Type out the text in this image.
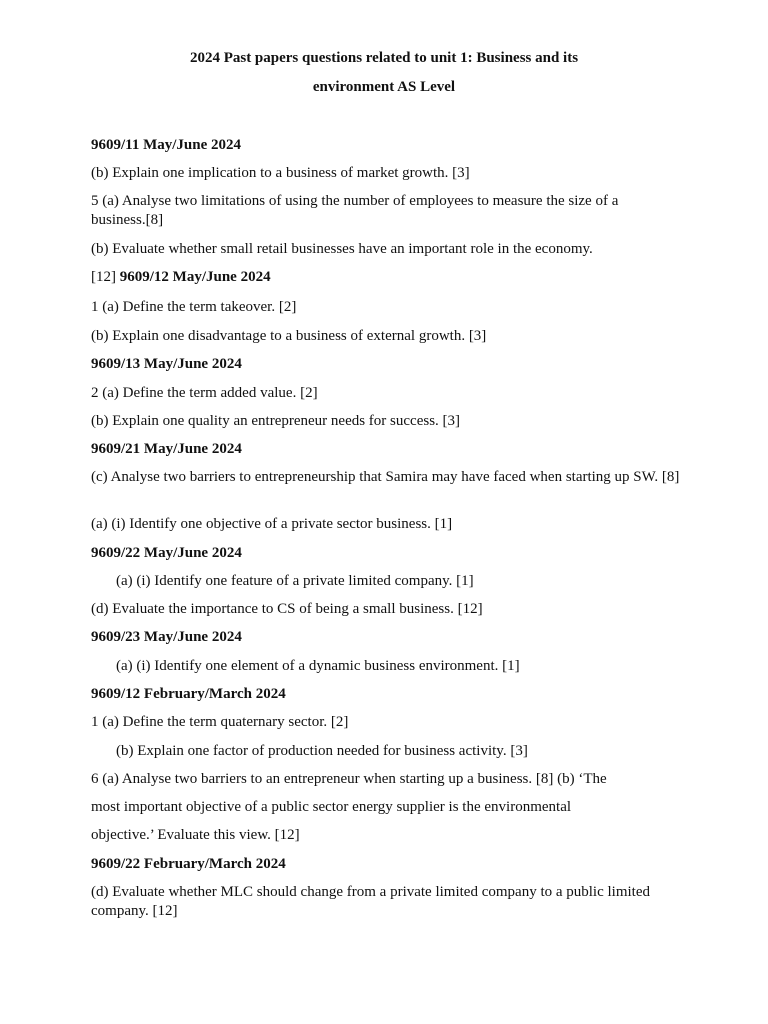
2024 Past papers questions related to unit 1: Business and its
environment AS Level
9609/11 May/June 2024
(b) Explain one implication to a business of market growth. [3]
5 (a) Analyse two limitations of using the number of employees to measure the size of a business.[8]
(b) Evaluate whether small retail businesses have an important role in the economy.
[12] 9609/12 May/June 2024
1 (a) Define the term takeover. [2]
(b) Explain one disadvantage to a business of external growth. [3]
9609/13 May/June 2024
2 (a) Define the term added value. [2]
(b) Explain one quality an entrepreneur needs for success. [3]
9609/21 May/June 2024
(c) Analyse two barriers to entrepreneurship that Samira may have faced when starting up SW. [8]
(a) (i) Identify one objective of a private sector business. [1]
9609/22 May/June 2024
(a) (i) Identify one feature of a private limited company. [1]
(d) Evaluate the importance to CS of being a small business. [12]
9609/23 May/June 2024
(a) (i) Identify one element of a dynamic business environment. [1]
9609/12 February/March 2024
1 (a) Define the term quaternary sector. [2]
(b) Explain one factor of production needed for business activity. [3]
6 (a) Analyse two barriers to an entrepreneur when starting up a business. [8] (b) ‘The
most important objective of a public sector energy supplier is the environmental
objective.’ Evaluate this view. [12]
9609/22 February/March 2024
(d) Evaluate whether MLC should change from a private limited company to a public limited company. [12]
